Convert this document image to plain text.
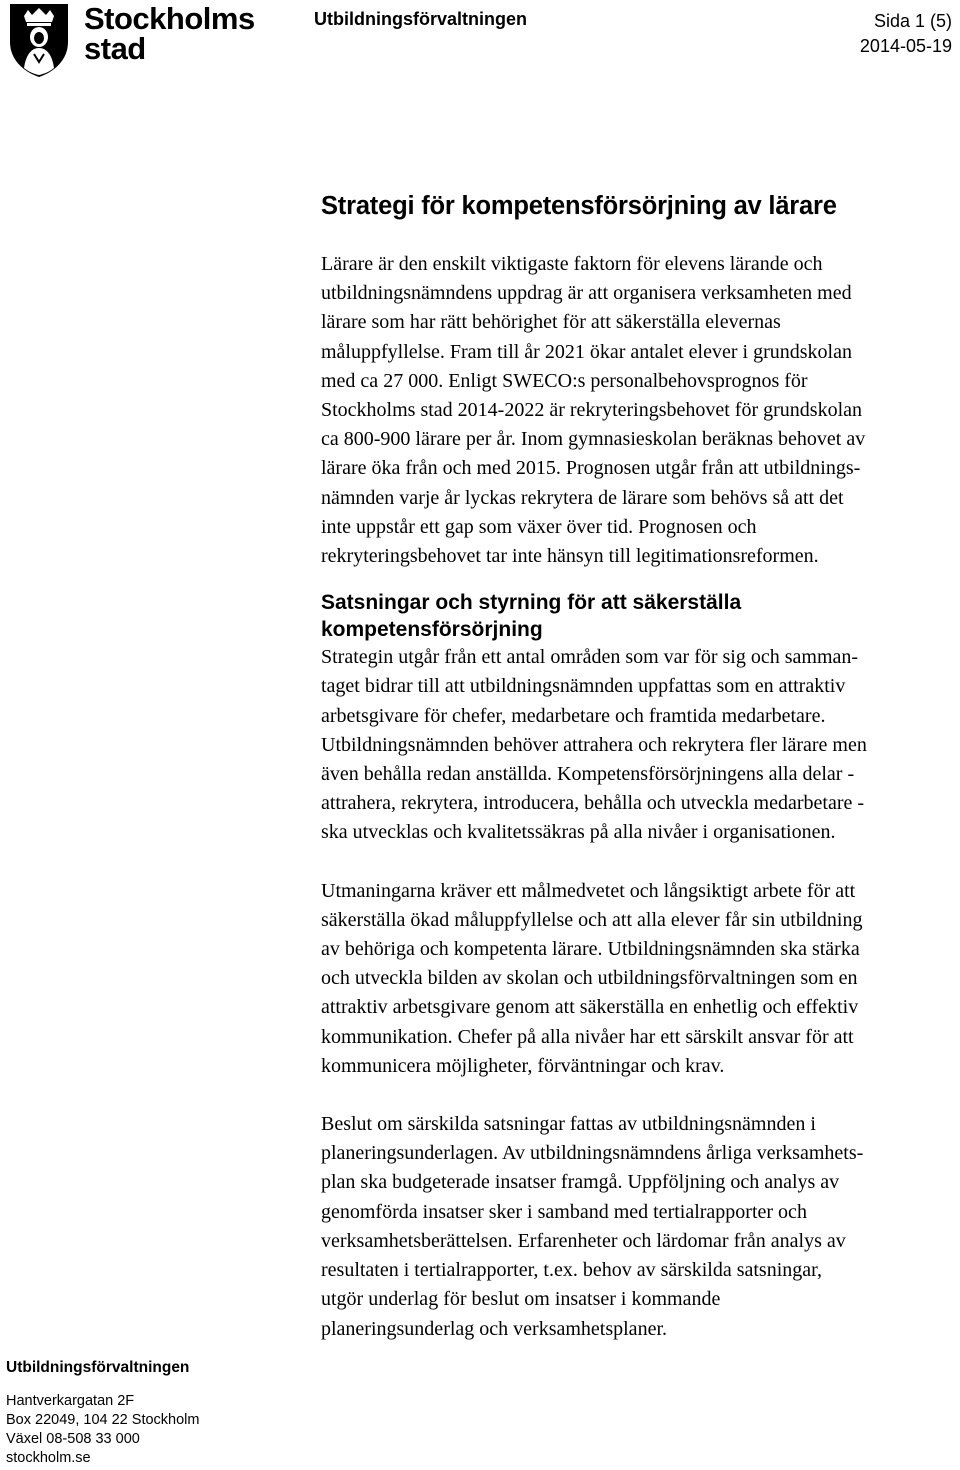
Stockholms
stad
Utbildningsförvaltningen	Sida 1 (5)
2014-05-19
Strategi för kompetensförsörjning av lärare
Lärare är den enskilt viktigaste faktorn för elevens lärande och
utbildningsnämndens uppdrag är att organisera verksamheten med
lärare som har rätt behörighet för att säkerställa elevernas
måluppfyllelse. Fram till år 2021 ökar antalet elever i grundskolan
med ca 27 000. Enligt SWECO:s personalbehovsprognos för
Stockholms stad 2014-2022 är rekryteringsbehovet för grundskolan
ca 800-900 lärare per år. Inom gymnasieskolan beräknas behovet av
lärare öka från och med 2015. Prognosen utgår från att utbildnings-
nämnden varje år lyckas rekrytera de lärare som behövs så att det
inte uppstår ett gap som växer över tid. Prognosen och
rekryteringsbehovet tar inte hänsyn till legitimationsreformen.
Satsningar och styrning för att säkerställa
kompetensförsörjning
Strategin utgår från ett antal områden som var för sig och samman-
taget bidrar till att utbildningsnämnden uppfattas som en attraktiv
arbetsgivare för chefer, medarbetare och framtida medarbetare.
Utbildningsnämnden behöver attrahera och rekrytera fler lärare men
även behålla redan anställda. Kompetensförsörjningens alla delar -
attrahera, rekrytera, introducera, behålla och utveckla medarbetare -
ska utvecklas och kvalitetssäkras på alla nivåer i organisationen.
Utmaningarna kräver ett målmedvetet och långsiktigt arbete för att
säkerställa ökad måluppfyllelse och att alla elever får sin utbildning
av behöriga och kompetenta lärare. Utbildningsnämnden ska stärka
och utveckla bilden av skolan och utbildningsförvaltningen som en
attraktiv arbetsgivare genom att säkerställa en enhetlig och effektiv
kommunikation. Chefer på alla nivåer har ett särskilt ansvar för att
kommunicera möjligheter, förväntningar och krav.
Beslut om särskilda satsningar fattas av utbildningsnämnden i
planeringsunderlagen. Av utbildningsnämndens årliga verksamhets-
plan ska budgeterade insatser framgå. Uppföljning och analys av
genomförda insatser sker i samband med tertialrapporter och
verksamhetsberättelsen. Erfarenheter och lärdomar från analys av
resultaten i tertialrapporter, t.ex. behov av särskilda satsningar,
utgör underlag för beslut om insatser i kommande
planeringsunderlag och verksamhetsplaner.
Utbildningsförvaltningen
Hantverkargatan 2F
Box 22049, 104 22 Stockholm
Växel 08-508 33 000
stockholm.se
